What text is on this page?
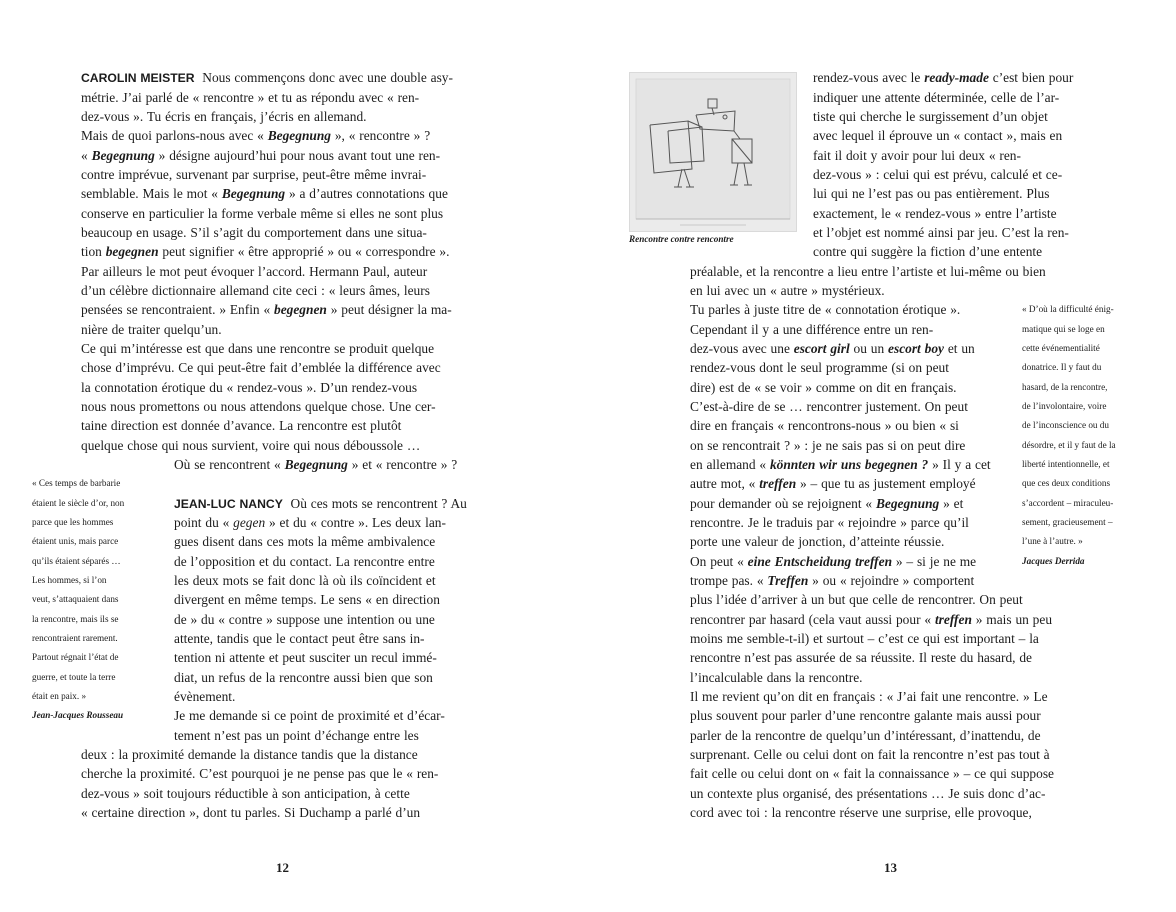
CAROLIN MEISTER Nous commençons donc avec une double asy-
métrie. J’ai parlé de « rencontre » et tu as répondu avec « ren-
dez-vous ». Tu écris en français, j’écris en allemand.
Mais de quoi parlons-nous avec « Begegnung », « rencontre » ?
« Begegnung » désigne aujourd’hui pour nous avant tout une ren-
contre imprévue, survenant par surprise, peut-être même invrai-
semblable. Mais le mot « Begegnung » a d’autres connotations que
conserve en particulier la forme verbale même si elles ne sont plus
beaucoup en usage. S’il s’agit du comportement dans une situa-
tion begegnen peut signifier « être approprié » ou « correspondre ».
Par ailleurs le mot peut évoquer l’accord. Hermann Paul, auteur
d’un célèbre dictionnaire allemand cite ceci : « leurs âmes, leurs
pensées se rencontraient. » Enfin « begegnen » peut désigner la ma-
nière de traiter quelqu’un.
Ce qui m’intéresse est que dans une rencontre se produit quelque
chose d’imprévu. Ce qui peut-être fait d’emblée la différence avec
la connotation érotique du « rendez-vous ». D’un rendez-vous
nous nous promettons ou nous attendons quelque chose. Une cer-
taine direction est donnée d’avance. La rencontre est plutôt
quelque chose qui nous survient, voire qui nous déboussole …
Où se rencontrent « Begegnung » et « rencontre » ?
JEAN-LUC NANCY Où ces mots se rencontrent ? Au
point du « gegen » et du « contre ». Les deux lan-
gues disent dans ces mots la même ambivalence
de l’opposition et du contact. La rencontre entre
les deux mots se fait donc là où ils coïncident et
divergent en même temps. Le sens « en direction
de » du « contre » suppose une intention ou une
attente, tandis que le contact peut être sans in-
tention ni attente et peut susciter un recul immé-
diat, un refus de la rencontre aussi bien que son
évènement.
Je me demande si ce point de proximité et d’écar-
tement n’est pas un point d’échange entre les
deux : la proximité demande la distance tandis que la distance
cherche la proximité. C’est pourquoi je ne pense pas que le « ren-
dez-vous » soit toujours réductible à son anticipation, à cette
« certaine direction », dont tu parles. Si Duchamp a parlé d’un
« Ces temps de barbarie
étaient le siècle d’or, non
parce que les hommes
étaient unis, mais parce
qu’ils étaient séparés …
Les hommes, si l’on
veut, s’attaquaient dans
la rencontre, mais ils se
rencontraient rarement.
Partout régnait l’état de
guerre, et toute la terre
était en paix. »
Jean-Jacques Rousseau
12
Rencontre contre rencontre
rendez-vous avec le ready-made c’est bien pour
indiquer une attente déterminée, celle de l’ar-
tiste qui cherche le surgissement d’un objet
avec lequel il éprouve un « contact », mais en
fait il doit y avoir pour lui deux « ren-
dez-vous » : celui qui est prévu, calculé et ce-
lui qui ne l’est pas ou pas entièrement. Plus
exactement, le « rendez-vous » entre l’artiste
et l’objet est nommé ainsi par jeu. C’est la ren-
contre qui suggère la fiction d’une entente
préalable, et la rencontre a lieu entre l’artiste et lui-même ou bien
en lui avec un « autre » mystérieux.
Tu parles à juste titre de « connotation érotique ».
Cependant il y a une différence entre un ren-
dez-vous avec une escort girl ou un escort boy et un
rendez-vous dont le seul programme (si on peut
dire) est de « se voir » comme on dit en français.
C’est-à-dire de se … rencontrer justement. On peut
dire en français « rencontrons-nous » ou bien « si
on se rencontrait ? » : je ne sais pas si on peut dire
en allemand « könnten wir uns begegnen ? » Il y a cet
autre mot, « treffen » – que tu as justement employé
pour demander où se rejoignent « Begegnung » et
rencontre. Je le traduis par « rejoindre » parce qu’il
porte une valeur de jonction, d’atteinte réussie.
On peut « eine Entscheidung treffen » – si je ne me
trompe pas. « Treffen » ou « rejoindre » comportent
plus l’idée d’arriver à un but que celle de rencontrer. On peut
rencontrer par hasard (cela vaut aussi pour « treffen » mais un peu
moins me semble-t-il) et surtout – c’est ce qui est important – la
rencontre n’est pas assurée de sa réussite. Il reste du hasard, de
l’incalculable dans la rencontre.
Il me revient qu’on dit en français : « J’ai fait une rencontre. » Le
plus souvent pour parler d’une rencontre galante mais aussi pour
parler de la rencontre de quelqu’un d’intéressant, d’inattendu, de
surprenant. Celle ou celui dont on fait la rencontre n’est pas tout à
fait celle ou celui dont on « fait la connaissance » – ce qui suppose
un contexte plus organisé, des présentations … Je suis donc d’ac-
cord avec toi : la rencontre réserve une surprise, elle provoque,
« D’où la difficulté énig-
matique qui se loge en
cette événementialité
donatrice. Il y faut du
hasard, de la rencontre,
de l’involontaire, voire
de l’inconscience ou du
désordre, et il y faut de la
liberté intentionnelle, et
que ces deux conditions
s’accordent – miraculeu-
sement, gracieusement –
l’une à l’autre. »
Jacques Derrida
13
